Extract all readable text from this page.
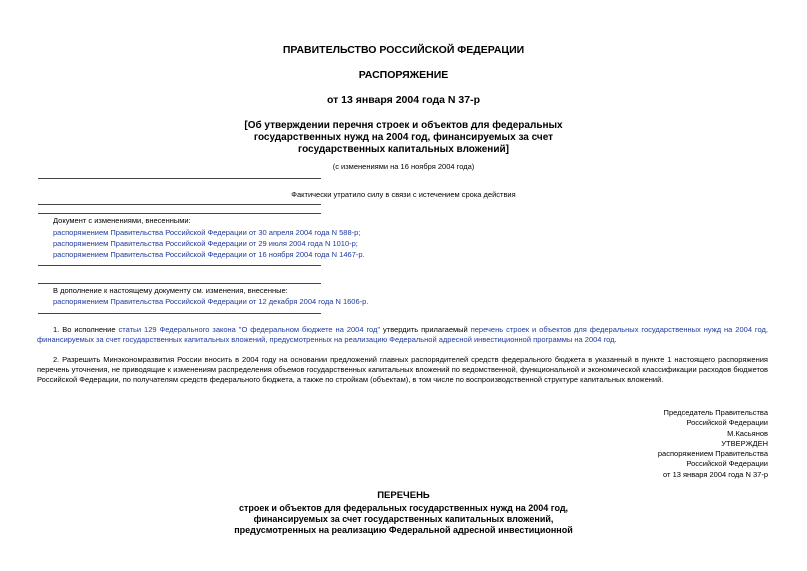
ПРАВИТЕЛЬСТВО РОССИЙСКОЙ ФЕДЕРАЦИИ
РАСПОРЯЖЕНИЕ
от 13 января 2004 года N 37-р
[Об утверждении перечня строек и объектов для федеральных
государственных нужд на 2004 год, финансируемых за счет
государственных капитальных вложений]
(с изменениями на 16 ноября 2004 года)
Фактически утратило силу в связи с истечением срока действия
Документ с изменениями, внесенными:
распоряжением Правительства Российской Федерации от 30 апреля 2004 года N 588-р;
распоряжением Правительства Российской Федерации от 29 июля 2004 года N 1010-р;
распоряжением Правительства Российской Федерации от 16 ноября 2004 года N 1467-р.
В дополнение к настоящему документу см. изменения, внесенные:
распоряжением Правительства Российской Федерации от 12 декабря 2004 года N 1606-р.
1. Во исполнение статьи 129 Федерального закона "О федеральном бюджете на 2004 год" утвердить прилагаемый перечень строек и объектов для федеральных государственных нужд на 2004 год, финансируемых за счет государственных капитальных вложений, предусмотренных на реализацию Федеральной адресной инвестиционной программы на 2004 год.
2. Разрешить Минэкономразвития России вносить в 2004 году на основании предложений главных распорядителей средств федерального бюджета в указанный в пункте 1 настоящего распоряжения перечень уточнения, не приводящие к изменениям распределения объемов государственных капитальных вложений по ведомственной, функциональной и экономической классификации расходов бюджетов Российской Федерации, по получателям средств федерального бюджета, а также по стройкам (объектам), в том числе по воспроизводственной структуре капитальных вложений.
Председатель Правительства
Российской Федерации
М.Касьянов
УТВЕРЖДЕН
распоряжением Правительства
Российской Федерации
от 13 января 2004 года N 37-р
ПЕРЕЧЕНЬ
строек и объектов для федеральных государственных нужд на 2004 год,
финансируемых за счет государственных капитальных вложений,
предусмотренных на реализацию Федеральной адресной инвестиционной
